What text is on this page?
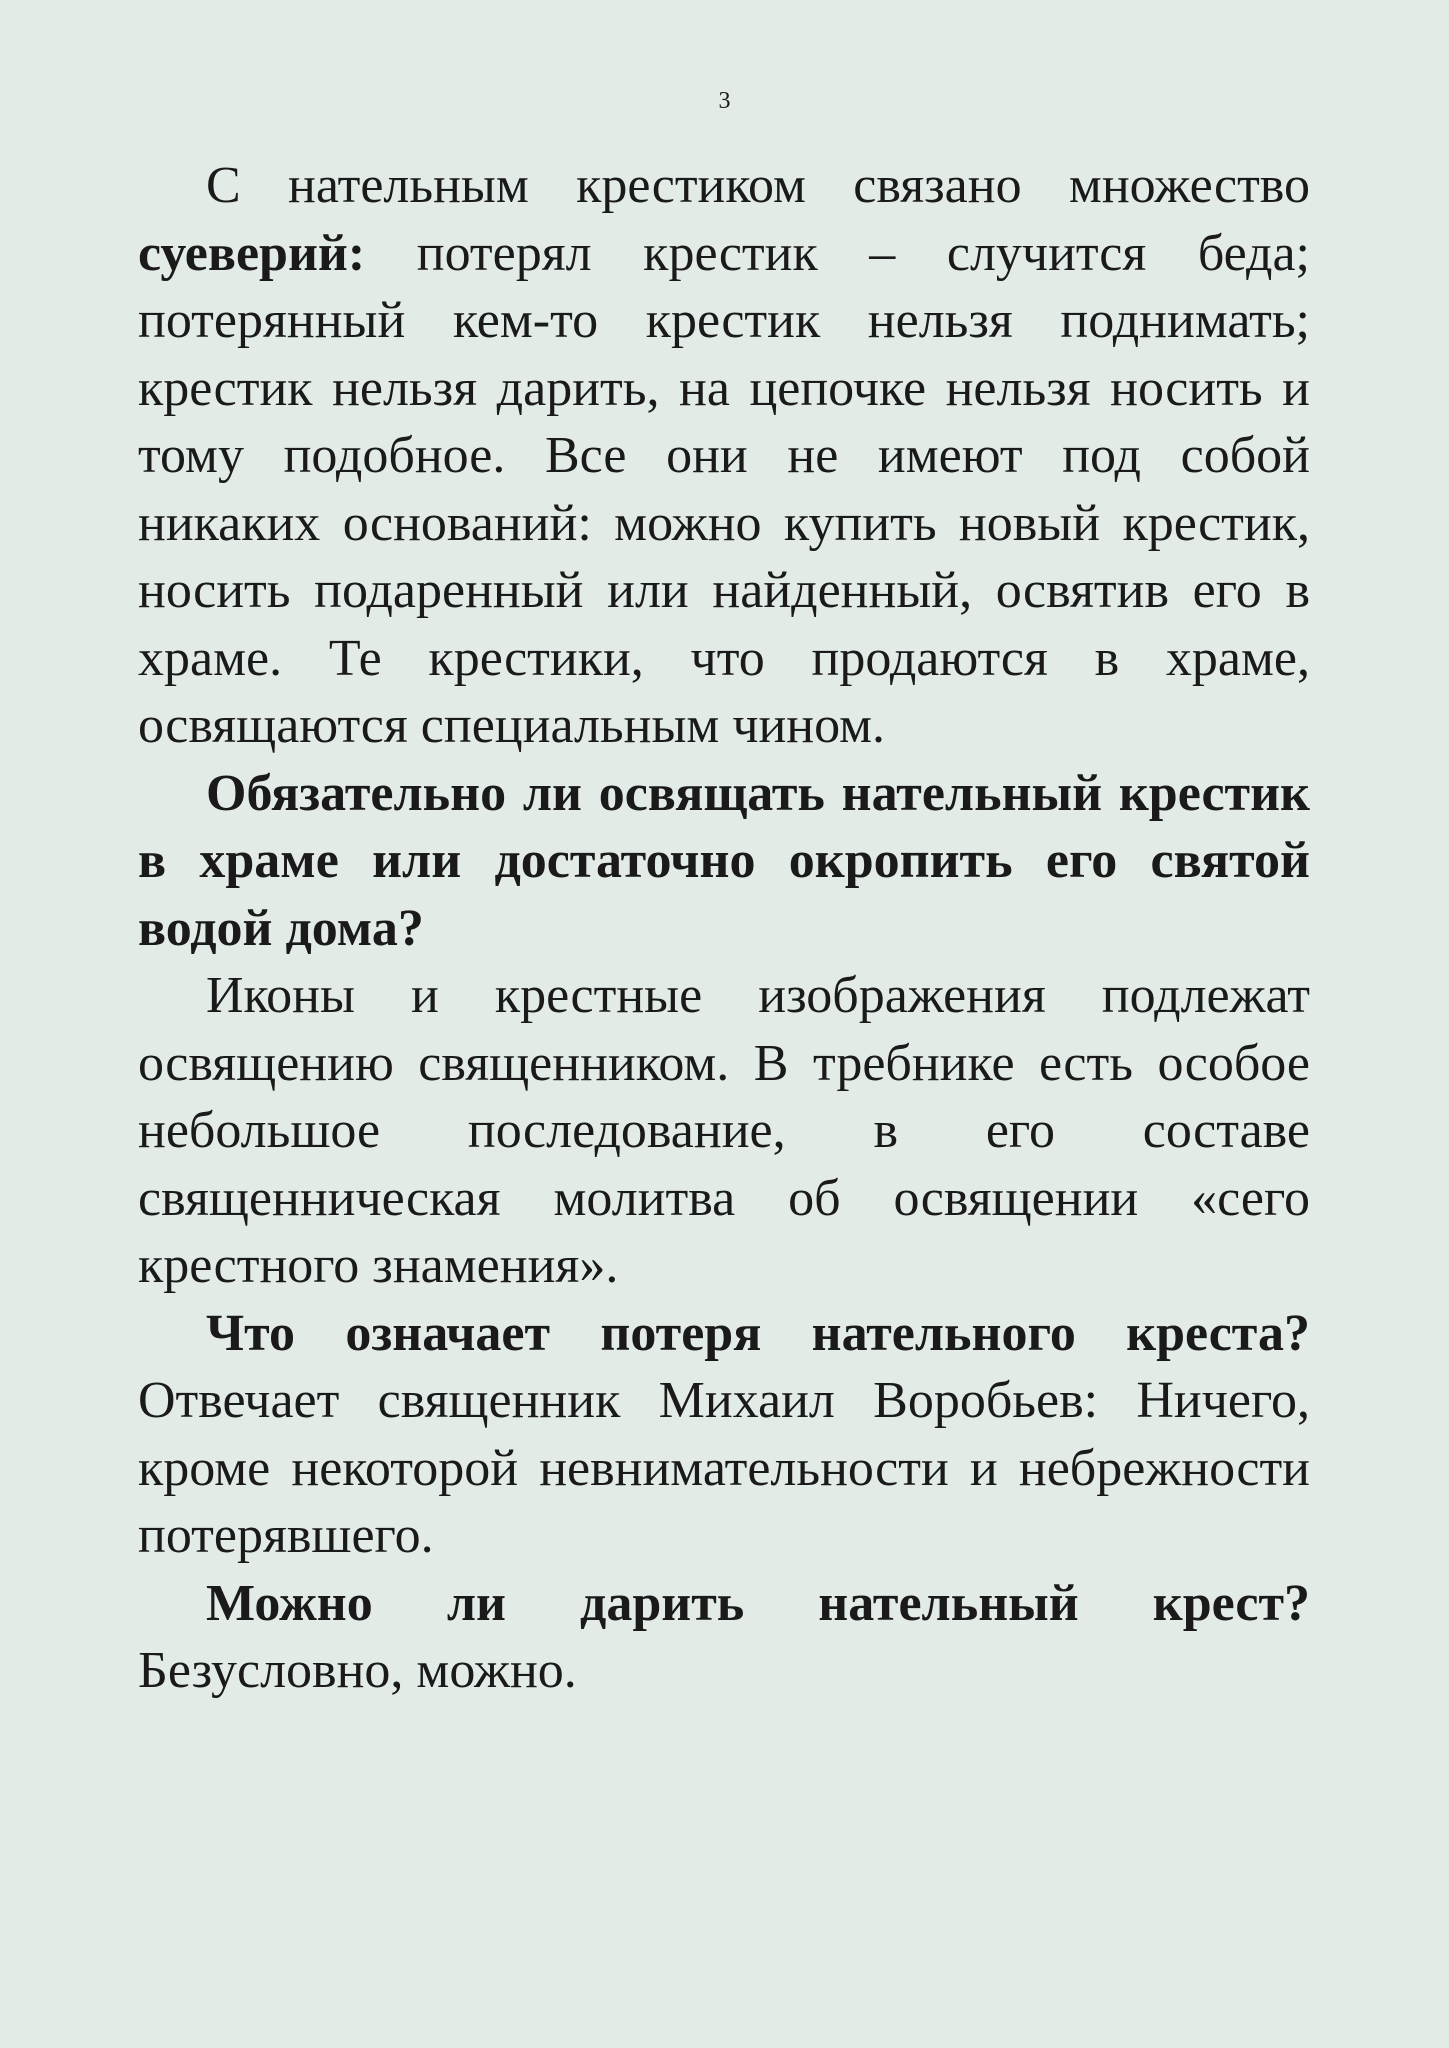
3

С нательным крестиком связано множество суеверий: потерял крестик – случится беда; потерянный кем-то крестик нельзя поднимать; крестик нельзя дарить, на цепочке нельзя носить и тому подобное. Все они не имеют под собой никаких оснований: можно купить новый крестик, носить подаренный или найденный, освятив его в храме. Те крестики, что продаются в храме, освящаются специальным чином.

Обязательно ли освящать нательный крестик в храме или достаточно окропить его святой водой дома?

Иконы и крестные изображения подлежат освящению священником. В требнике есть особое небольшое последование, в его составе священническая молитва об освящении «сего крестного знамения».

Что означает потеря нательного креста? Отвечает священник Михаил Воробьев: Ничего, кроме некоторой невнимательности и небрежности потерявшего.

Можно ли дарить нательный крест? Безусловно, можно.
